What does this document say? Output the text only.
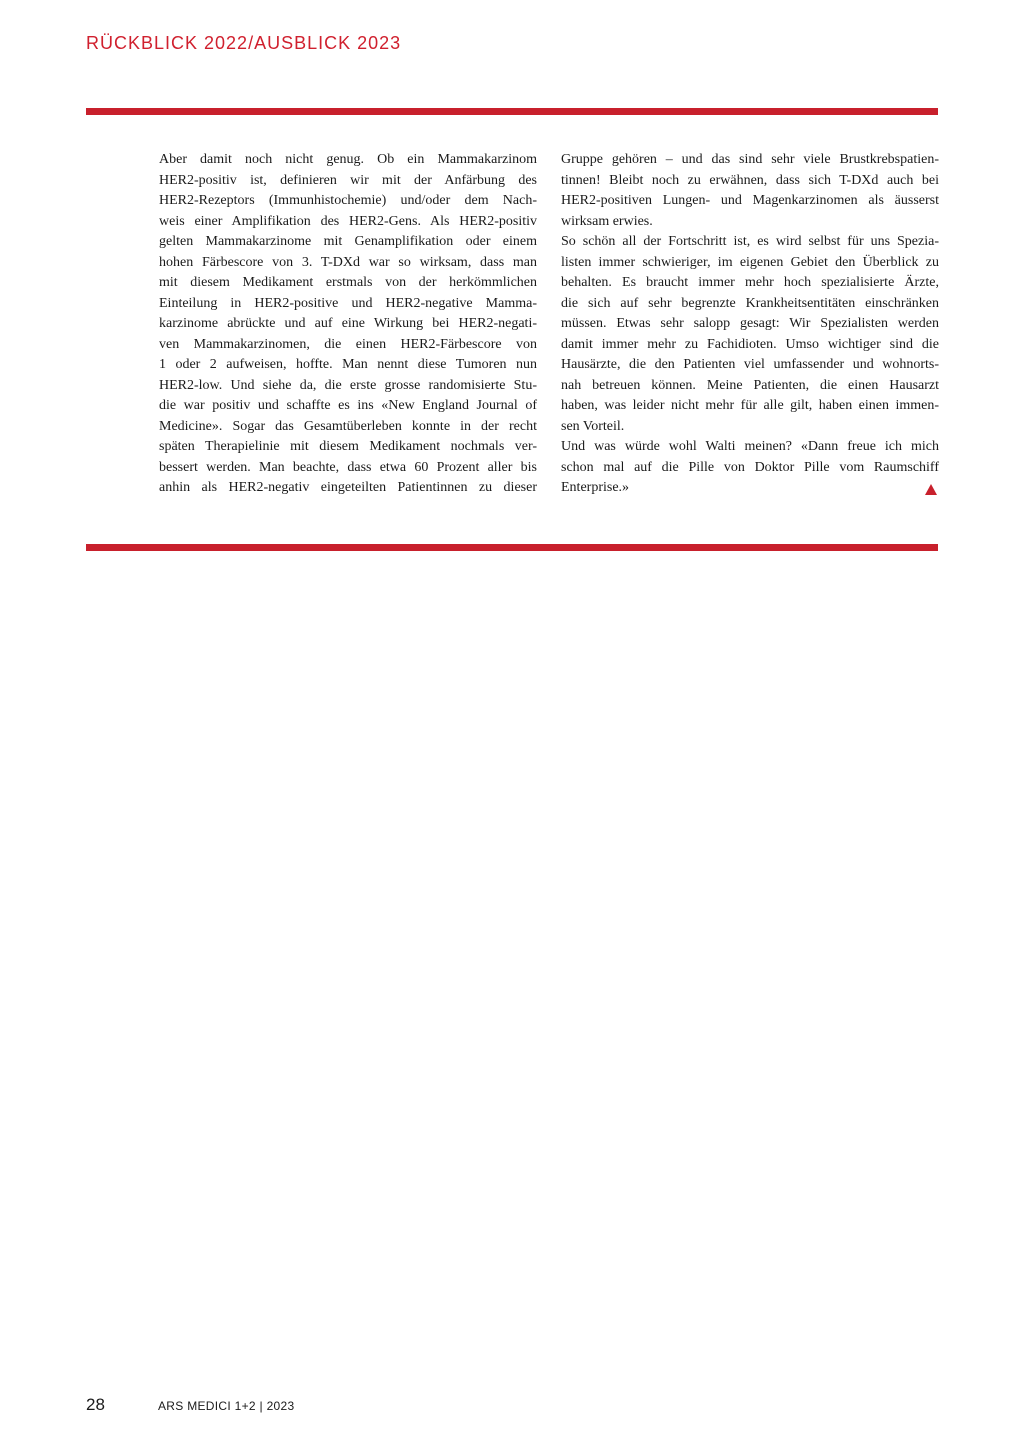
RÜCKBLICK 2022/AUSBLICK 2023
Aber damit noch nicht genug. Ob ein Mammakarzinom
HER2-positiv ist, definieren wir mit der Anfärbung des
HER2-Rezeptors (Immunhistochemie) und/oder dem Nach-
weis einer Amplifikation des HER2-Gens. Als HER2-positiv
gelten Mammakarzinome mit Genamplifikation oder einem
hohen Färbescore von 3. T-DXd war so wirksam, dass man
mit diesem Medikament erstmals von der herkömmlichen
Einteilung in HER2-positive und HER2-negative Mamma-
karzinome abrückte und auf eine Wirkung bei HER2-negati-
ven Mammakarzinomen, die einen HER2-Färbescore von
1 oder 2 aufweisen, hoffte. Man nennt diese Tumoren nun
HER2-low. Und siehe da, die erste grosse randomisierte Stu-
die war positiv und schaffte es ins «New England Journal of
Medicine». Sogar das Gesamtüberleben konnte in der recht
späten Therapielinie mit diesem Medikament nochmals ver-
bessert werden. Man beachte, dass etwa 60 Prozent aller bis
anhin als HER2-negativ eingeteilten Patientinnen zu dieser
Gruppe gehören – und das sind sehr viele Brustkrebspatien-
tinnen! Bleibt noch zu erwähnen, dass sich T-DXd auch bei
HER2-positiven Lungen- und Magenkarzinomen als äusserst
wirksam erwies.
So schön all der Fortschritt ist, es wird selbst für uns Spezia-
listen immer schwieriger, im eigenen Gebiet den Überblick zu
behalten. Es braucht immer mehr hoch spezialisierte Ärzte,
die sich auf sehr begrenzte Krankheitsentitäten einschränken
müssen. Etwas sehr salopp gesagt: Wir Spezialisten werden
damit immer mehr zu Fachidioten. Umso wichtiger sind die
Hausärzte, die den Patienten viel umfassender und wohnorts-
nah betreuen können. Meine Patienten, die einen Hausarzt
haben, was leider nicht mehr für alle gilt, haben einen immen-
sen Vorteil.
Und was würde wohl Walti meinen? «Dann freue ich mich
schon mal auf die Pille von Doktor Pille vom Raumschiff
Enterprise.»
28	ARS MEDICI 1+2 | 2023
